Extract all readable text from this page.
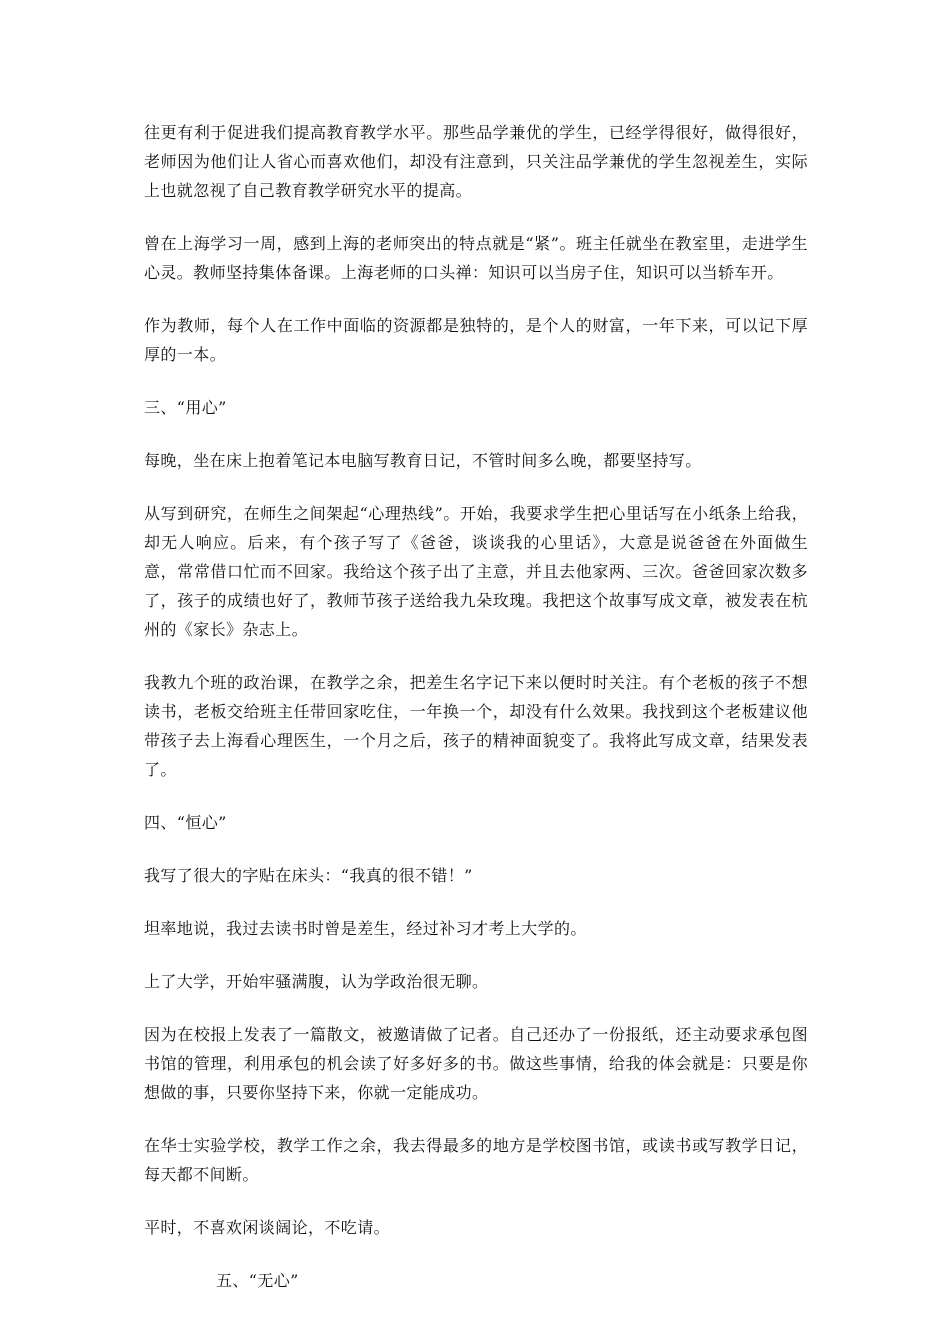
往更有利于促进我们提高教育教学水平。那些品学兼优的学生，已经学得很好，做得很好，老师因为他们让人省心而喜欢他们，却没有注意到，只关注品学兼优的学生忽视差生，实际上也就忽视了自己教育教学研究水平的提高。

曾在上海学习一周，感到上海的老师突出的特点就是“紧”。班主任就坐在教室里，走进学生心灵。教师坚持集体备课。上海老师的口头禅：知识可以当房子住，知识可以当轿车开。

作为教师，每个人在工作中面临的资源都是独特的，是个人的财富，一年下来，可以记下厚厚的一本。

三、“用心”

每晚，坐在床上抱着笔记本电脑写教育日记，不管时间多么晚，都要坚持写。

从写到研究，在师生之间架起“心理热线”。开始，我要求学生把心里话写在小纸条上给我，却无人响应。后来，有个孩子写了《爸爸，谈谈我的心里话》，大意是说爸爸在外面做生意，常常借口忙而不回家。我给这个孩子出了主意，并且去他家两、三次。爸爸回家次数多了，孩子的成绩也好了，教师节孩子送给我九朵玫瑰。我把这个故事写成文章，被发表在杭州的《家长》杂志上。

我教九个班的政治课，在教学之余，把差生名字记下来以便时时关注。有个老板的孩子不想读书，老板交给班主任带回家吃住，一年换一个，却没有什么效果。我找到这个老板建议他带孩子去上海看心理医生，一个月之后，孩子的精神面貌变了。我将此写成文章，结果发表了。

四、“恒心”

我写了很大的字贴在床头：“我真的很不错！”

坦率地说，我过去读书时曾是差生，经过补习才考上大学的。

上了大学，开始牢骚满腹，认为学政治很无聊。

因为在校报上发表了一篇散文，被邀请做了记者。自己还办了一份报纸，还主动要求承包图书馆的管理，利用承包的机会读了好多好多的书。做这些事情，给我的体会就是：只要是你想做的事，只要你坚持下来，你就一定能成功。

在华士实验学校，教学工作之余，我去得最多的地方是学校图书馆，或读书或写教学日记，每天都不间断。

平时，不喜欢闲谈阔论，不吃请。

五、“无心”
